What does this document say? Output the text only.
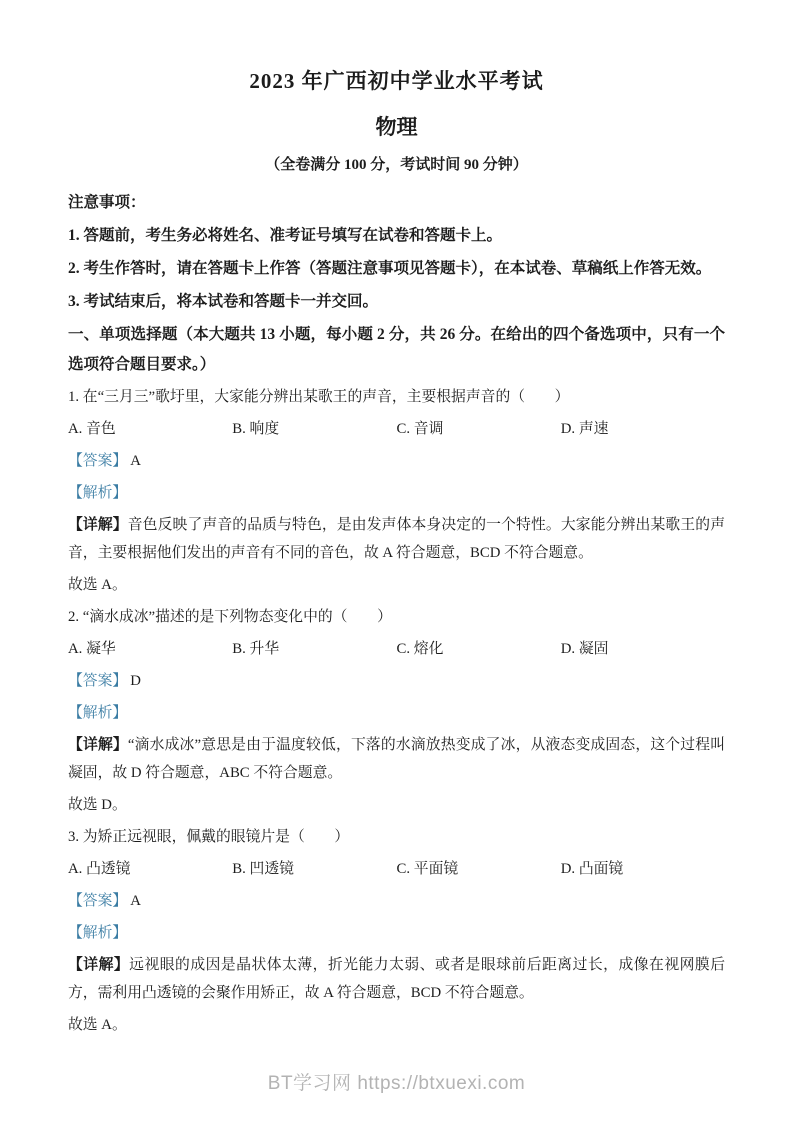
2023 年广西初中学业水平考试
物理
（全卷满分 100 分，考试时间 90 分钟）

注意事项：

1. 答题前，考生务必将姓名、准考证号填写在试卷和答题卡上。

2. 考生作答时，请在答题卡上作答（答题注意事项见答题卡），在本试卷、草稿纸上作答无效。

3. 考试结束后，将本试卷和答题卡一并交回。

一、单项选择题（本大题共 13 小题，每小题 2 分，共 26 分。在给出的四个备选项中，只有一个选项符合题目要求。）

1. 在“三月三”歌圩里，大家能分辨出某歌王的声音，主要根据声音的（　　）

A. 音色	B. 响度	C. 音调	D. 声速

【答案】 A

【解析】

【详解】音色反映了声音的品质与特色，是由发声体本身决定的一个特性。大家能分辨出某歌王的声音，主要根据他们发出的声音有不同的音色，故 A 符合题意，BCD 不符合题意。

故选 A。

2. “滴水成冰”描述的是下列物态变化中的（　　）

A. 凝华	B. 升华	C. 熔化	D. 凝固

【答案】 D

【解析】

【详解】“滴水成冰”意思是由于温度较低，下落的水滴放热变成了冰，从液态变成固态，这个过程叫凝固，故 D 符合题意，ABC 不符合题意。

故选 D。

3. 为矫正远视眼，佩戴的眼镜片是（　　）

A. 凸透镜	B. 凹透镜	C. 平面镜	D. 凸面镜

【答案】 A

【解析】

【详解】远视眼的成因是晶状体太薄，折光能力太弱、或者是眼球前后距离过长，成像在视网膜后方，需利用凸透镜的会聚作用矫正，故 A 符合题意，BCD 不符合题意。

故选 A。

BT学习网 https://btxuexi.com
